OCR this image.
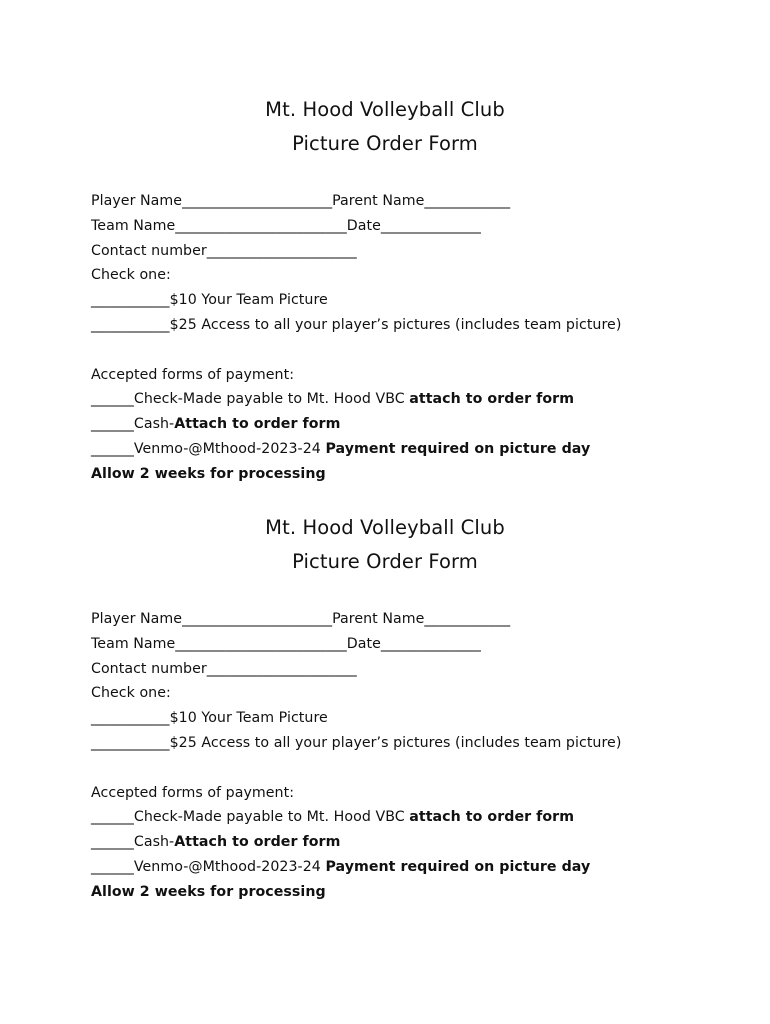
Mt. Hood Volleyball Club
Picture Order Form
Player Name_____________________Parent Name____________
Team Name________________________Date______________
Contact number_____________________
Check one:
___________$10 Your Team Picture
___________$25 Access to all your player’s pictures (includes team picture)
Accepted forms of payment:
______Check-Made payable to Mt. Hood VBC attach to order form
______Cash-Attach to order form
______Venmo-@Mthood-2023-24 Payment required on picture day
Allow 2 weeks for processing
Mt. Hood Volleyball Club
Picture Order Form
Player Name_____________________Parent Name____________
Team Name________________________Date______________
Contact number_____________________
Check one:
___________$10 Your Team Picture
___________$25 Access to all your player’s pictures (includes team picture)
Accepted forms of payment:
______Check-Made payable to Mt. Hood VBC attach to order form
______Cash-Attach to order form
______Venmo-@Mthood-2023-24 Payment required on picture day
Allow 2 weeks for processing
